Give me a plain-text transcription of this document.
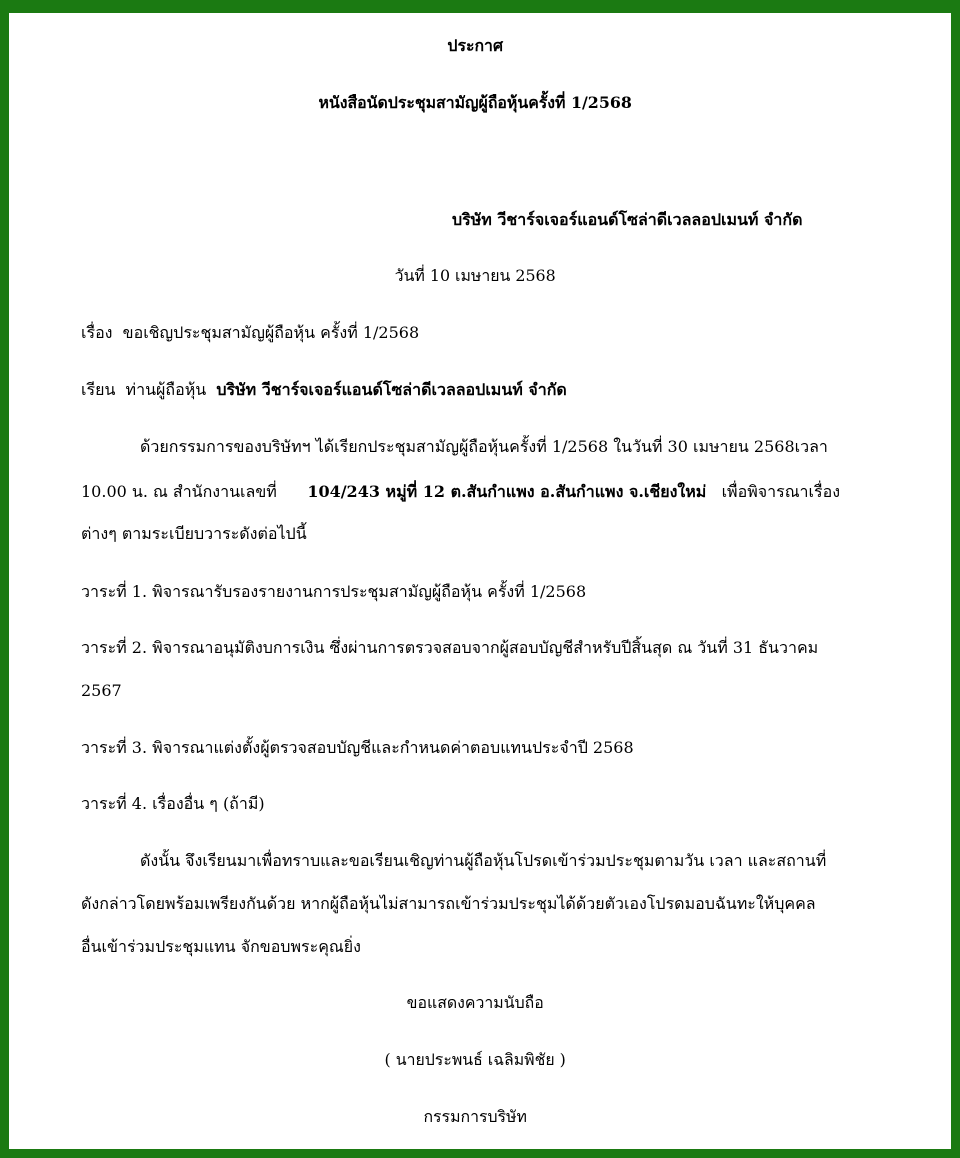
ประกาศ
หนังสือนัดประชุมสามัญผู้ถือหุ้นครั้งที่ 1/2568
บริษัท วีชาร์จเจอร์แอนด์โซล่าดีเวลลอปเมนท์ จำกัด
วันที่ 10 เมษายน 2568
เรื่อง ขอเชิญประชุมสามัญผู้ถือหุ้น ครั้งที่ 1/2568
เรียน ท่านผู้ถือหุ้น บริษัท วีชาร์จเจอร์แอนด์โซล่าดีเวลลอปเมนท์ จำกัด
ด้วยกรรมการของบริษัทฯ ได้เรียกประชุมสามัญผู้ถือหุ้นครั้งที่ 1/2568 ในวันที่ 30 เมษายน 2568เวลา
10.00 น. ณ สำนักงานเลขที่ 104/243 หมู่ที่ 12 ต.สันกำแพง อ.สันกำแพง จ.เชียงใหม่ เพื่อพิจารณาเรื่อง
ต่างๆ ตามระเบียบวาระดังต่อไปนี้
วาระที่ 1. พิจารณารับรองรายงานการประชุมสามัญผู้ถือหุ้น ครั้งที่ 1/2568
วาระที่ 2. พิจารณาอนุมัติงบการเงิน ซึ่งผ่านการตรวจสอบจากผู้สอบบัญชีสำหรับปีสิ้นสุด ณ วันที่ 31 ธันวาคม
2567
วาระที่ 3. พิจารณาแต่งตั้งผู้ตรวจสอบบัญชีและกำหนดค่าตอบแทนประจำปี 2568
วาระที่ 4. เรื่องอื่น ๆ (ถ้ามี)
ดังนั้น จึงเรียนมาเพื่อทราบและขอเรียนเชิญท่านผู้ถือหุ้นโปรดเข้าร่วมประชุมตามวัน เวลา และสถานที่
ดังกล่าวโดยพร้อมเพรียงกันด้วย หากผู้ถือหุ้นไม่สามารถเข้าร่วมประชุมได้ด้วยตัวเองโปรดมอบฉันทะให้บุคคล
อื่นเข้าร่วมประชุมแทน จักขอบพระคุณยิ่ง
ขอแสดงความนับถือ
( นายประพนธ์ เฉลิมพิชัย )
กรรมการบริษัท
